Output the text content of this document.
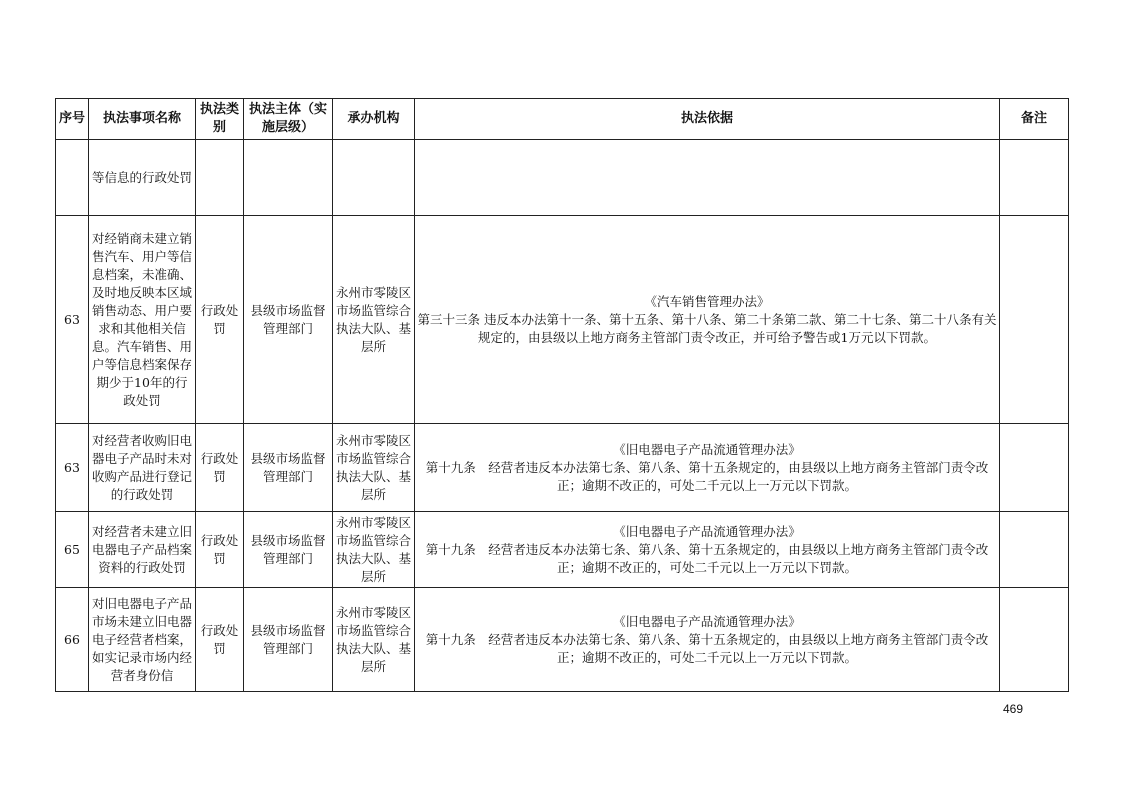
序号	执法事项名称	执法类别	执法主体（实施层级）	承办机构	执法依据	备注
	等信息的行政处罚				

63	对经销商未建立销售汽车、用户等信息档案，未准确、及时地反映本区域销售动态、用户要求和其他相关信息。汽车销售、用户等信息档案保存期少于10年的行政处罚	行政处罚	县级市场监督管理部门	永州市零陵区市场监管综合执法大队、基层所	《汽车销售管理办法》
第三十三条 违反本办法第十一条、第十五条、第十八条、第二十条第二款、第二十七条、第二十八条有关规定的，由县级以上地方商务主管部门责令改正，并可给予警告或1万元以下罚款。	

63	对经营者收购旧电器电子产品时未对收购产品进行登记的行政处罚	行政处罚	县级市场监督管理部门	永州市零陵区市场监管综合执法大队、基层所	《旧电器电子产品流通管理办法》
第十九条　经营者违反本办法第七条、第八条、第十五条规定的，由县级以上地方商务主管部门责令改正；逾期不改正的，可处二千元以上一万元以下罚款。	

65	对经营者未建立旧电器电子产品档案资料的行政处罚	行政处罚	县级市场监督管理部门	永州市零陵区市场监管综合执法大队、基层所	《旧电器电子产品流通管理办法》
第十九条　经营者违反本办法第七条、第八条、第十五条规定的，由县级以上地方商务主管部门责令改正；逾期不改正的，可处二千元以上一万元以下罚款。	

66	对旧电器电子产品市场未建立旧电器电子经营者档案，如实记录市场内经营者身份信	行政处罚	县级市场监督管理部门	永州市零陵区市场监管综合执法大队、基层所	《旧电器电子产品流通管理办法》
第十九条　经营者违反本办法第七条、第八条、第十五条规定的，由县级以上地方商务主管部门责令改正；逾期不改正的，可处二千元以上一万元以下罚款。	

469
